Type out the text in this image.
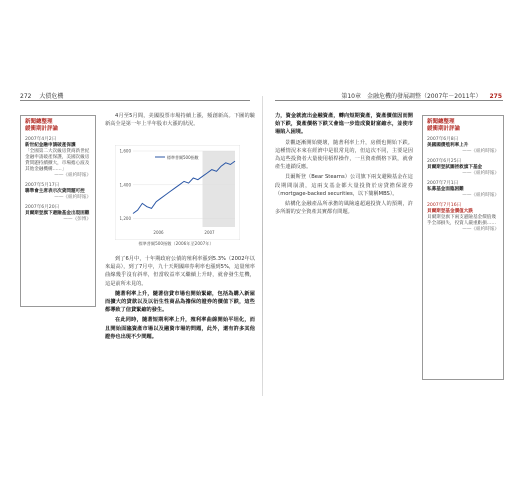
272 大債危機	第10章　金融危機的發展調整（2007年－2011年） 275
新聞總整理
緩衝期計評論
2007年4月2日
新世紀金融申請破產保護
「全國第二大次級房貸商新世紀金融申請破產保護，美國次級房貸問題持續擴大，市場擔心波及其他金融機構……」
——《紐約時報》
2007年5月17日
聯準會主席表示次貸問題可控
——《紐約時報》
2007年6月20日
貝爾斯登旗下避險基金出現困難
——《彭博》

4月至5月間，美國股票市場持續上漲，頻創新高。下圖的驗新高全是第一年上半年股市大漲的狀況。

1,600
1,400
1,200
2006	2007
標準普爾500指數
標準普爾500指數（2006年至2007年）

到了6月中，十年期政府公債的殖利率漲到5.3%（2002年以來最高），到了7月中，九十天期國庫券利率也漲到5%，這量殖率曲線幾乎沒有斜率，但當收益率又繼續上升時，就會發生危機，這是前所未見的。

隨著利率上升，隨著信貸市場也開始緊縮，包括為購入新屋而擴大的貸款以及以衍生性商品為擔保的證券的價值下跌，這些都導致了信貸緊縮的發生。

在此同時，隨著短期利率上升，殖利率曲線開始平坦化，而且開始面臨資產市場以及融資市場的問題，此外，還有許多其他證券也出現不少問題。

力，資金就流出金融資產，轉向短期資產，資產價值因而開始下跌，資產價格下跌又會進一步造成資財富縮水，並使市場陷入困境。

景觀逐漸開始變壞，隨著利率上升，房價也開始下跌。這種情況本來在經濟中是很常見的，但這次不同，主要是因為這些投資者大量使用槓桿操作，一旦資產價格下跌，就會產生連鎖反應。

貝爾斯登（Bear Stearns）公司旗下兩支避險基金在這段期間崩潰，這兩支基金都大量投資於房貸擔保證券（mortgage-backed securities，以下簡稱MBS）。

結構化金融產品所承擔的風險遠超過投資人的預期，許多所謂的安全資產其實都有問題。

新聞總整理
緩衝期計評論
2007年6月8日
美國國債殖利率上升
——《紐約時報》
2007年6月25日
貝爾斯登試圖拯救旗下基金
——《紐約時報》
2007年7月1日
私募基金面臨困難
——《紐約時報》
2007年7月16日
貝爾斯登基金價值大跌
貝爾斯登旗下兩支避險基金價值幾乎全部損失，投資人嚴重虧損……
——《紐約時報》
